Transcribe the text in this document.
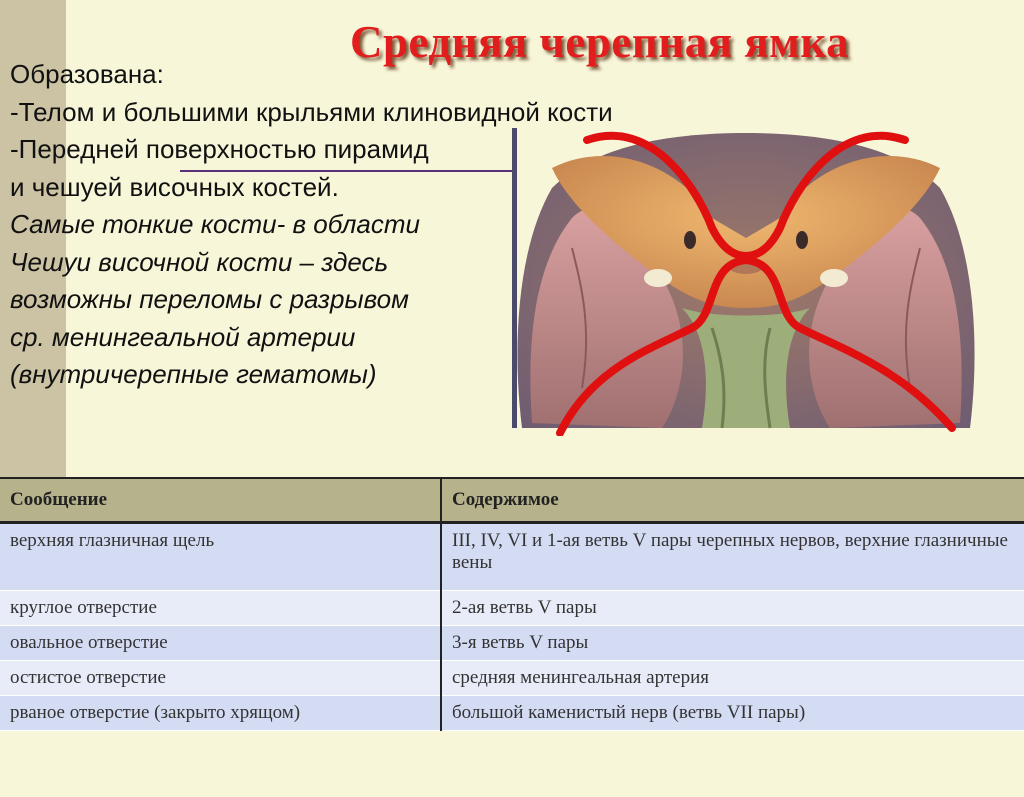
Средняя черепная ямка
Образована:
-Телом и большими крыльями клиновидной кости
-Передней поверхностью пирамид
и чешуей височных костей.
Самые тонкие кости- в области
Чешуи височной кости – здесь
возможны переломы с разрывом
ср. менингеальной артерии
(внутричерепные гематомы)
Сообщение	Содержимое
верхняя глазничная щель	III, IV, VI и 1-ая ветвь V пары черепных нервов, верхние глазничные вены
круглое отверстие	2-ая ветвь V пары
овальное отверстие	3-я ветвь V пары
остистое отверстие	средняя менингеальная артерия
рваное отверстие (закрыто хрящом)	большой каменистый нерв (ветвь VII пары)
